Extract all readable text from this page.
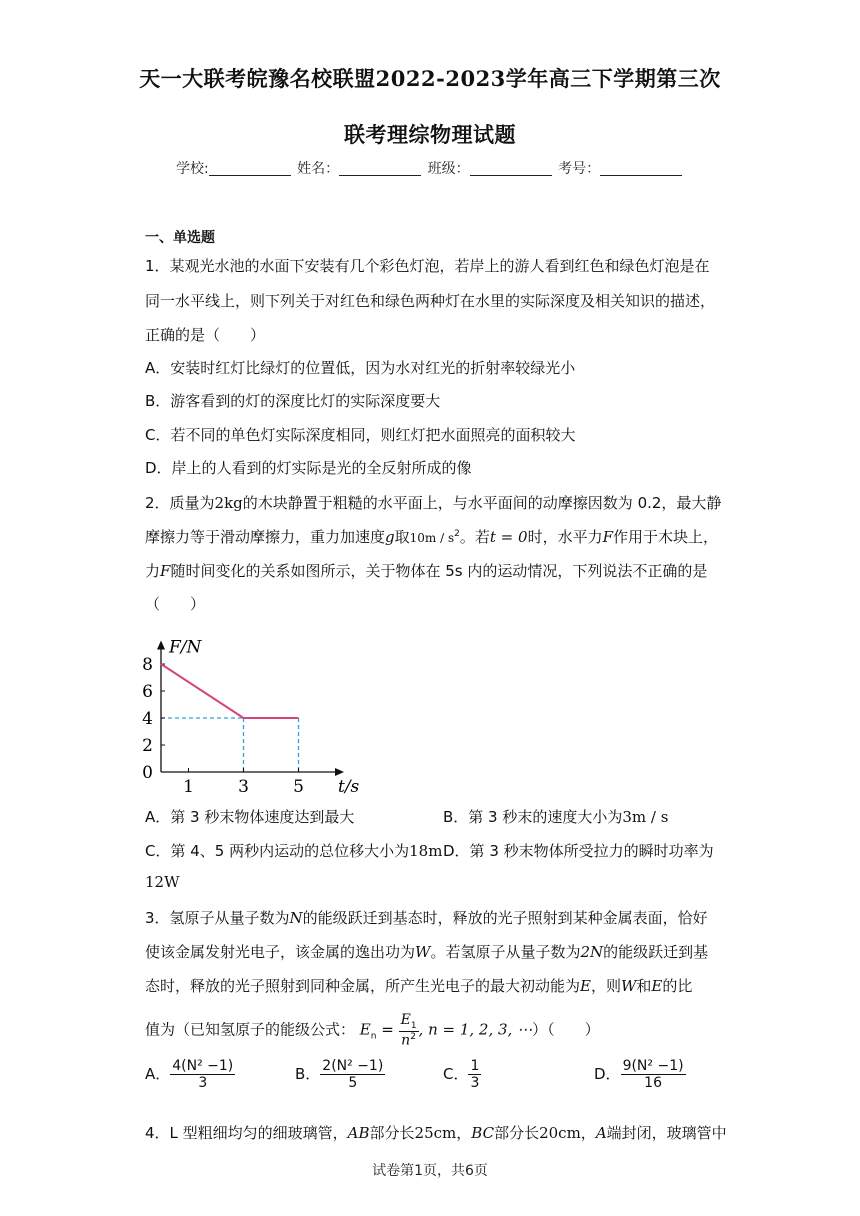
天一大联考皖豫名校联盟2022-2023学年高三下学期第三次
联考理综物理试题
学校:	姓名：	班级：	考号：
一、单选题
1．某观光水池的水面下安装有几个彩色灯泡，若岸上的游人看到红色和绿色灯泡是在
同一水平线上，则下列关于对红色和绿色两种灯在水里的实际深度及相关知识的描述，
正确的是（　　）
A．安装时红灯比绿灯的位置低，因为水对红光的折射率较绿光小
B．游客看到的灯的深度比灯的实际深度要大
C．若不同的单色灯实际深度相同，则红灯把水面照亮的面积较大
D．岸上的人看到的灯实际是光的全反射所成的像
2．质量为2kg的木块静置于粗糙的水平面上，与水平面间的动摩擦因数为 0.2，最大静
摩擦力等于滑动摩擦力，重力加速度g取$10m / s^2$。若t = 0时，水平力F作用于木块上，
力F随时间变化的关系如图所示，关于物体在 5s 内的运动情况，下列说法不正确的是
（　　）
8
6
4
2
1	3	5
0
F/N
t/s
A．第 3 秒末物体速度达到最大	B．第 3 秒末的速度大小为3m / s
C．第 4、5 两秒内运动的总位移大小为18m D．第 3 秒末物体所受拉力的瞬时功率为
12W
3．氢原子从量子数为N的能级跃迁到基态时，释放的光子照射到某种金属表面，恰好
使该金属发射光电子，该金属的逸出功为W。若氢原子从量子数为2N的能级跃迁到基
态时，释放的光子照射到同种金属，所产生光电子的最大初动能为E，则W和E的比
值为（已知氢原子的能级公式： $E_n = \frac{E_1}{n^2}$ , n = 1, 2, 3, ⋯）（　　）
A． $\frac{\text{4(N² −1)}}{3}$	B． $\frac{\text{2(N² −1)}}{5}$	C． $\frac{1}{3}$	D． $\frac{\text{9(N² −1)}}{16}$
4．L 型粗细均匀的细玻璃管，AB部分长25cm，BC部分长20cm，A端封闭，玻璃管中
试卷第1页，共6页
